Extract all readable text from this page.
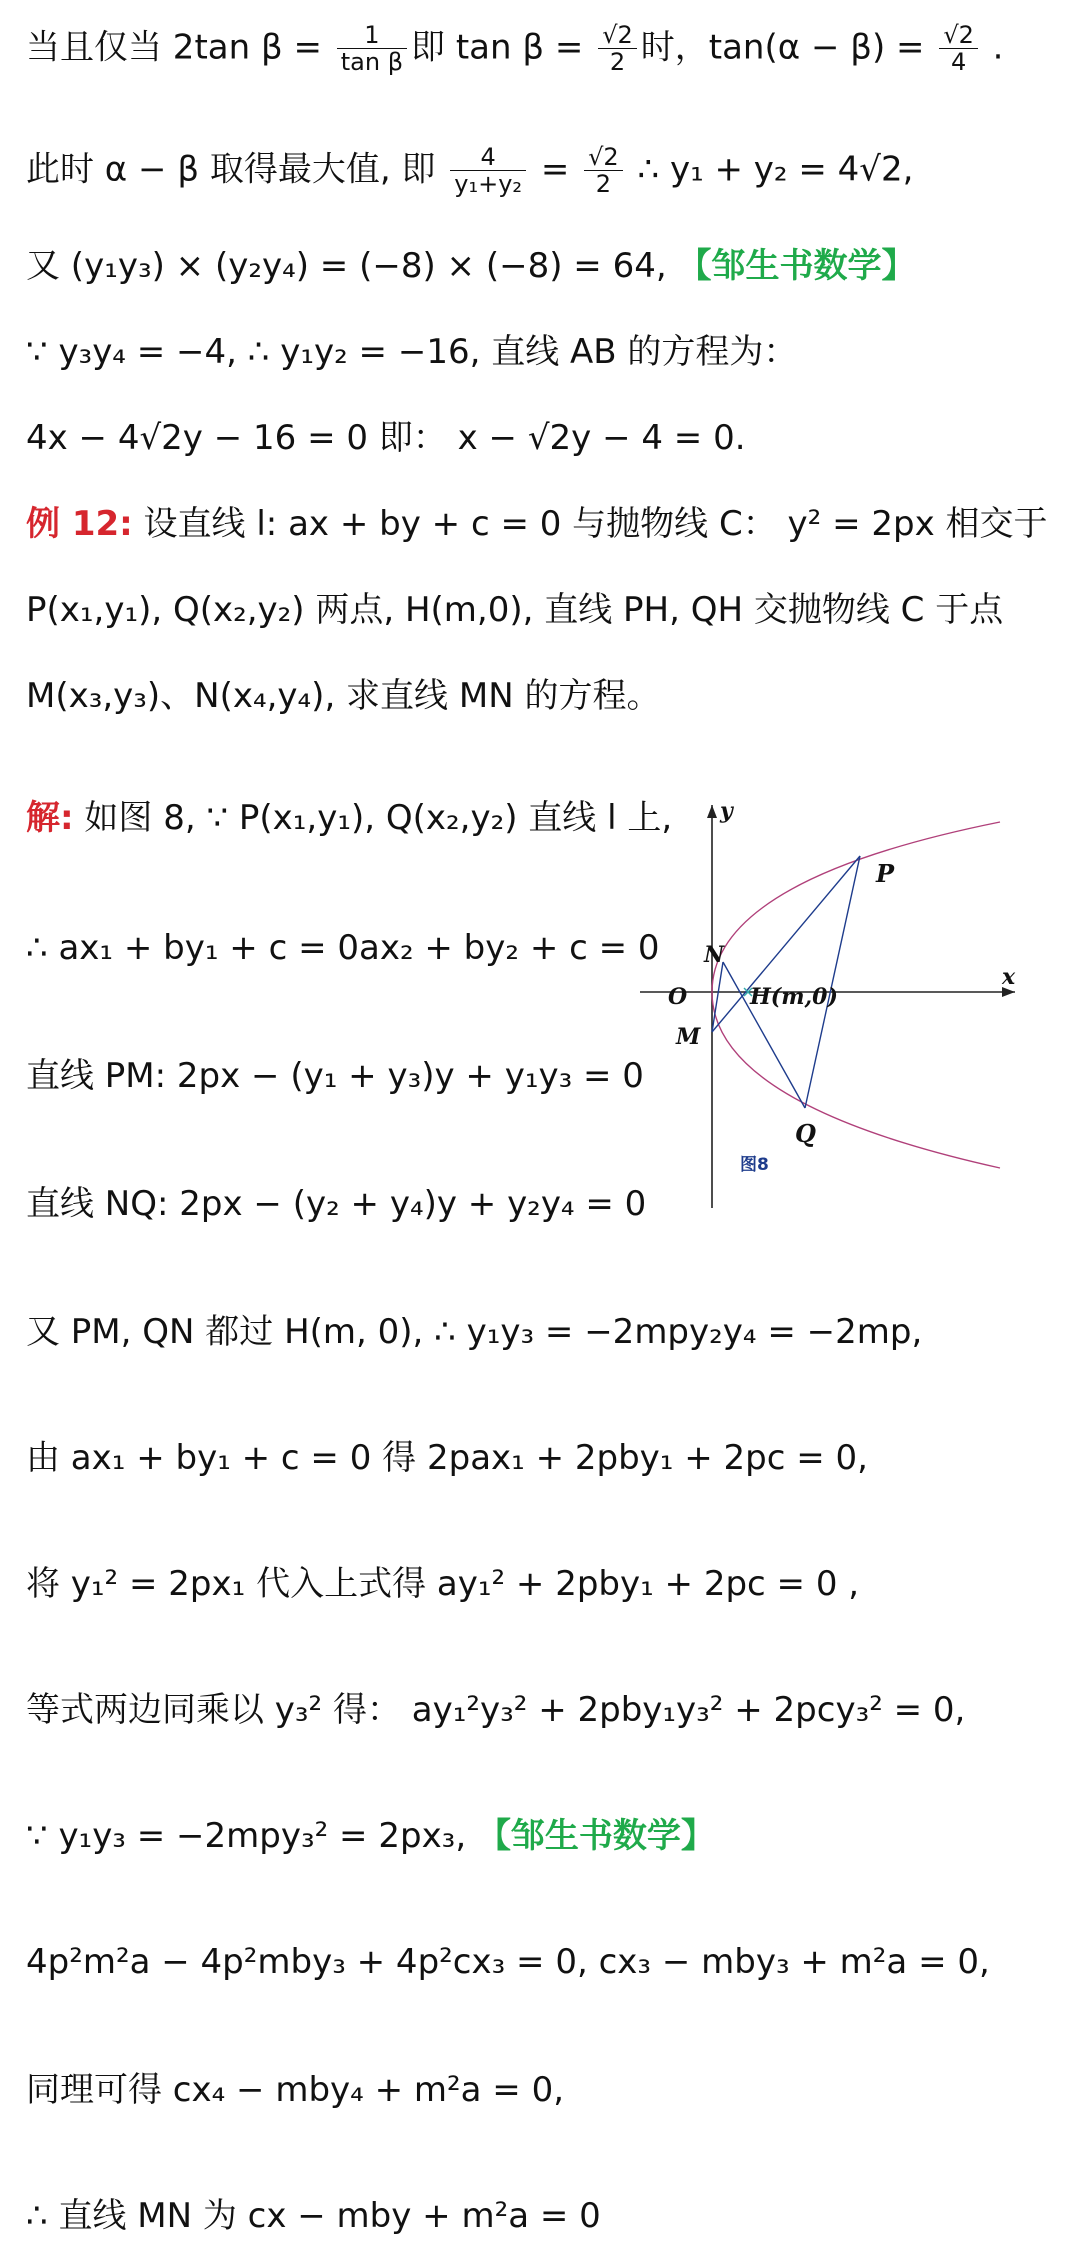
当且仅当 2tan $\beta = \frac{1}{\text{tan β}}$ 即 $\tan \beta = \frac{√2}{2}$ 时，$\tan(\alpha - \beta) = \frac{√2}{4}$ .
此时 α − β 取得最大值, 即 $\frac{4}{\text{y₁+y₂}} = \frac{√2}{2}$ ∴ y₁ + y₂ = 4√2,
又 (y₁y₃) × (y₂y₄) = (−8) × (−8) = 64, 【邹生书数学】
∵ y₃y₄ = −4, ∴ y₁y₂ = −16, 直线 AB 的方程为：
4x − 4√2y − 16 = 0 即： x − √2y − 4 = 0.
例 12: 设直线 l: ax + by + c = 0 与抛物线 C： y² = 2px 相交于
P(x₁,y₁), Q(x₂,y₂) 两点, H(m,0), 直线 PH, QH 交抛物线 C 于点
M(x₃,y₃)、N(x₄,y₄), 求直线 MN 的方程。
解: 如图 8, ∵ P(x₁,y₁), Q(x₂,y₂) 直线 l 上,
∴ ax₁ + by₁ + c = 0ax₂ + by₂ + c = 0
直线 PM: 2px − (y₁ + y₃)y + y₁y₃ = 0
直线 NQ: 2px − (y₂ + y₄)y + y₂y₄ = 0
又 PM, QN 都过 H(m, 0), ∴ y₁y₃ = −2mpy₂y₄ = −2mp,
由 ax₁ + by₁ + c = 0 得 2pax₁ + 2pby₁ + 2pc = 0,
将 y₁² = 2px₁ 代入上式得 ay₁² + 2pby₁ + 2pc = 0 ,
等式两边同乘以 y₃² 得： ay₁²y₃² + 2pby₁y₃² + 2pcy₃² = 0,
∵ y₁y₃ = −2mpy₃² = 2px₃, 【邹生书数学】
4p²m²a − 4p²mby₃ + 4p²cx₃ = 0, cx₃ − mby₃ + m²a = 0,
同理可得 cx₄ − mby₄ + m²a = 0,
∴ 直线 MN 为 cx − mby + m²a = 0
P
Q
N
M
O	H(m,0)
x
y
图8
